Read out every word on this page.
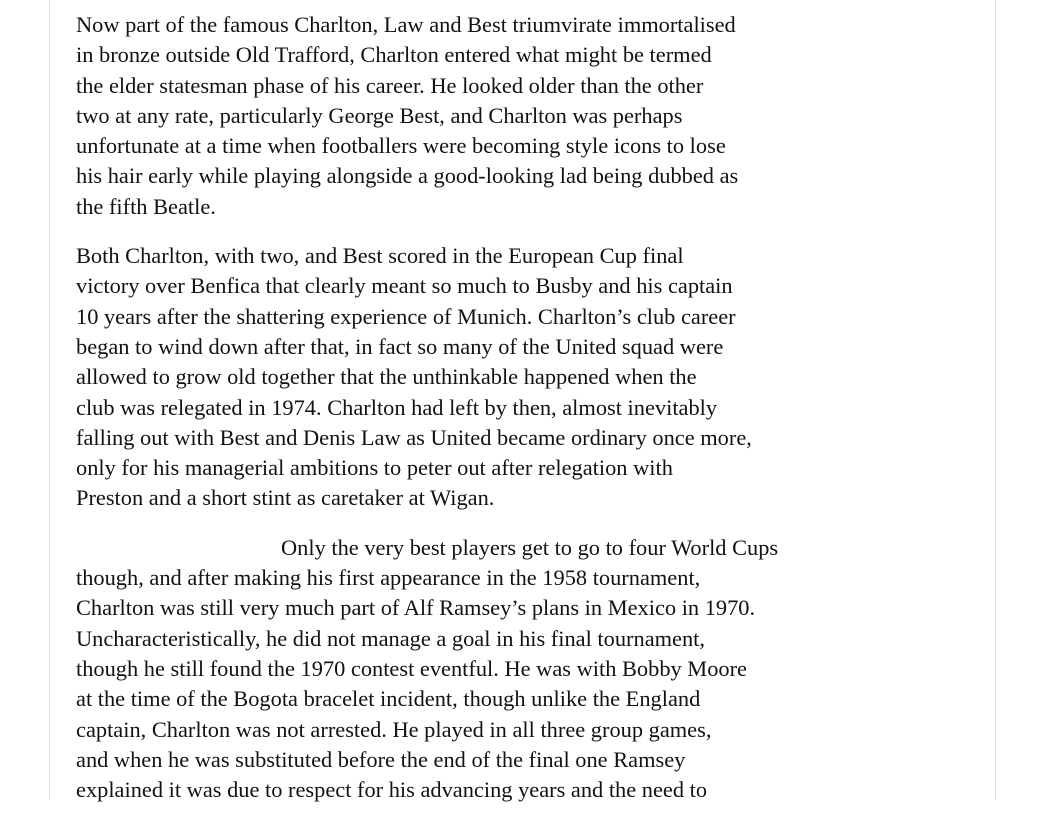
Now part of the famous Charlton, Law and Best triumvirate immortalised
in bronze outside Old Trafford, Charlton entered what might be termed
the elder statesman phase of his career. He looked older than the other
two at any rate, particularly George Best, and Charlton was perhaps
unfortunate at a time when footballers were becoming style icons to lose
his hair early while playing alongside a good-looking lad being dubbed as
the fifth Beatle.

Both Charlton, with two, and Best scored in the European Cup final
victory over Benfica that clearly meant so much to Busby and his captain
10 years after the shattering experience of Munich. Charlton’s club career
began to wind down after that, in fact so many of the United squad were
allowed to grow old together that the unthinkable happened when the
club was relegated in 1974. Charlton had left by then, almost inevitably
falling out with Best and Denis Law as United became ordinary once more,
only for his managerial ambitions to peter out after relegation with
Preston and a short stint as caretaker at Wigan.

Only the very best players get to go to four World Cups
though, and after making his first appearance in the 1958 tournament,
Charlton was still very much part of Alf Ramsey’s plans in Mexico in 1970.
Uncharacteristically, he did not manage a goal in his final tournament,
though he still found the 1970 contest eventful. He was with Bobby Moore
at the time of the Bogota bracelet incident, though unlike the England
captain, Charlton was not arrested. He played in all three group games,
and when he was substituted before the end of the final one Ramsey
explained it was due to respect for his advancing years and the need to
